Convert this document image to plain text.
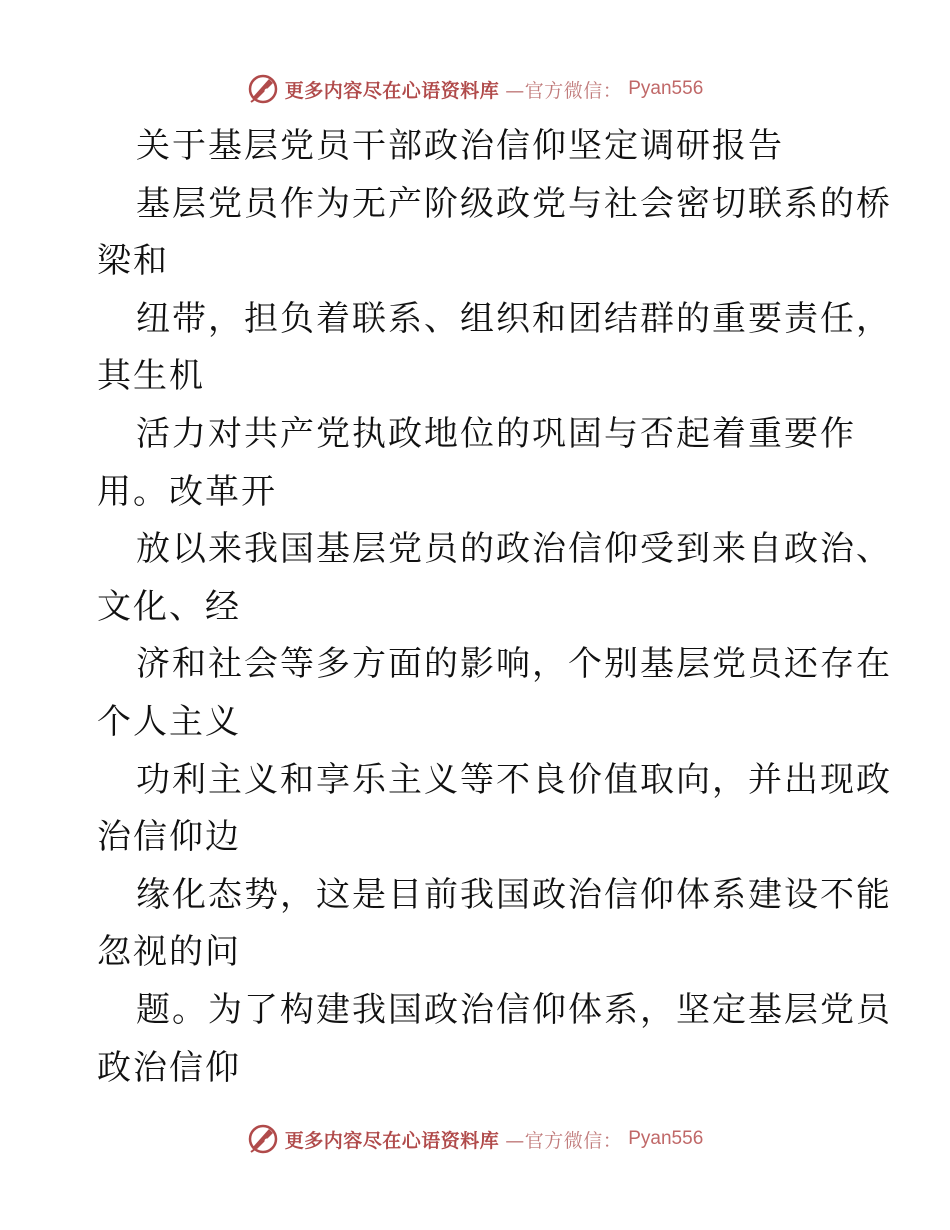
更多内容尽在心语资料库 —官方微信： Pyan556
关于基层党员干部政治信仰坚定调研报告
基层党员作为无产阶级政党与社会密切联系的桥
梁和
纽带，担负着联系、组织和团结群的重要责任，
其生机
活力对共产党执政地位的巩固与否起着重要作
用。改革开
放以来我国基层党员的政治信仰受到来自政治、
文化、经
济和社会等多方面的影响，个别基层党员还存在
个人主义
功利主义和享乐主义等不良价值取向，并出现政
治信仰边
缘化态势，这是目前我国政治信仰体系建设不能
忽视的问
题。为了构建我国政治信仰体系，坚定基层党员
政治信仰
更多内容尽在心语资料库 —官方微信： Pyan556
